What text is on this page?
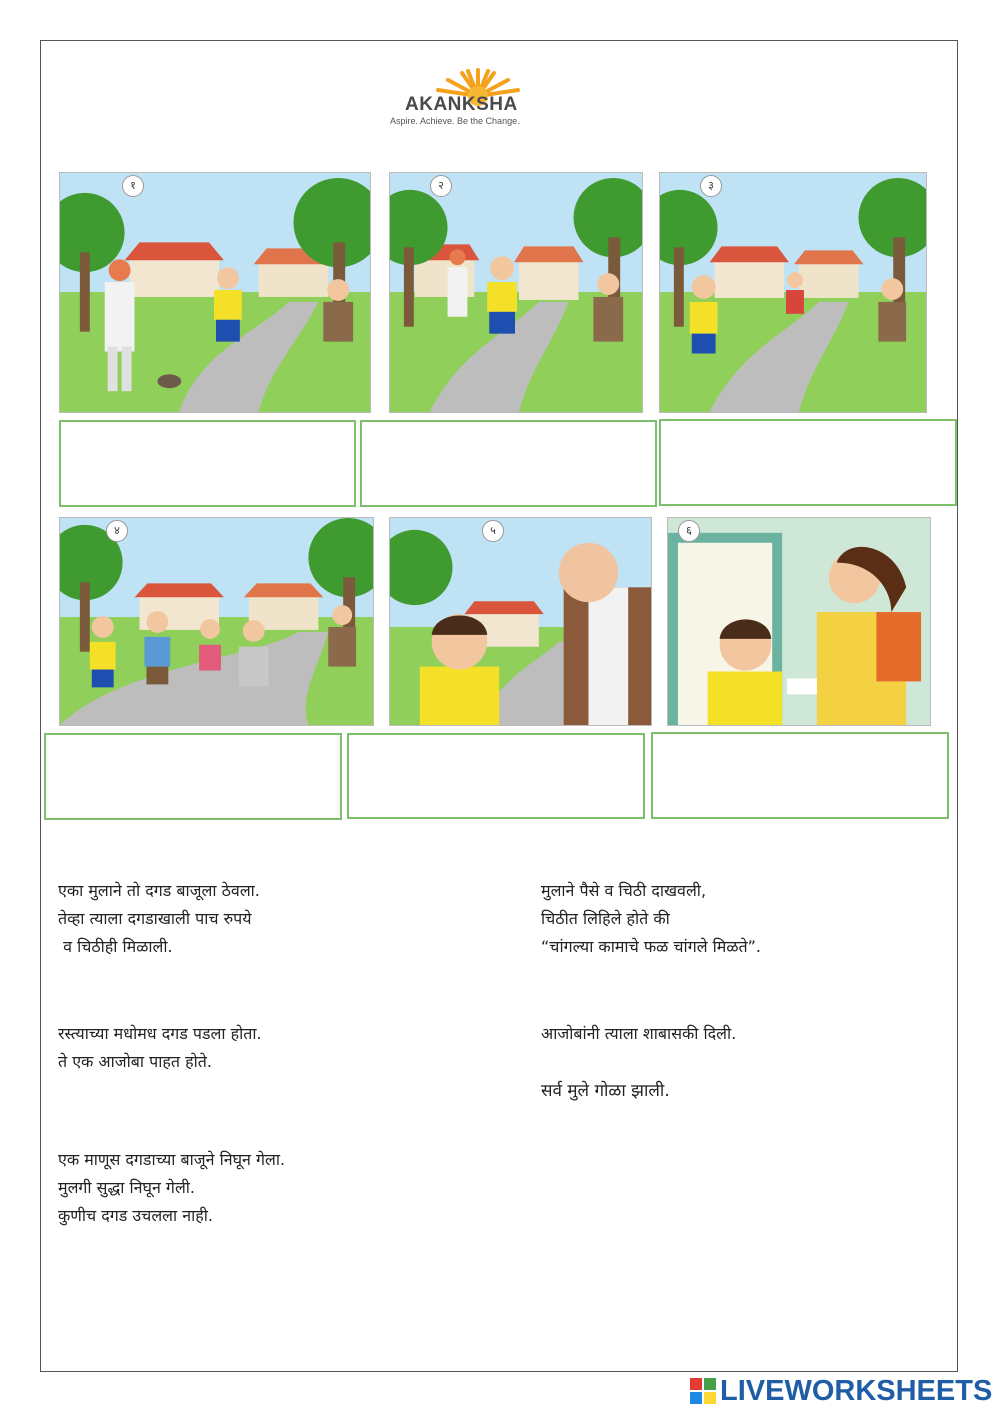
AKANKSHA
Aspire. Achieve. Be the Change.
१	२	३
४	५	६
एका मुलाने तो दगड बाजूला ठेवला.
तेव्हा त्याला दगडाखाली पाच रुपये
व चिठीही मिळाली.
मुलाने पैसे व चिठी दाखवली,
चिठीत लिहिले होते की
“चांगल्या कामाचे फळ चांगले मिळते”.
रस्त्याच्या मधोमध दगड पडला होता.
ते एक आजोबा पाहत होते.
आजोबांनी त्याला शाबासकी दिली.
सर्व मुले गोळा झाली.
एक माणूस दगडाच्या बाजूने निघून गेला.
मुलगी सुद्धा निघून गेली.
कुणीच दगड उचलला नाही.
LIVEWORKSHEETS
